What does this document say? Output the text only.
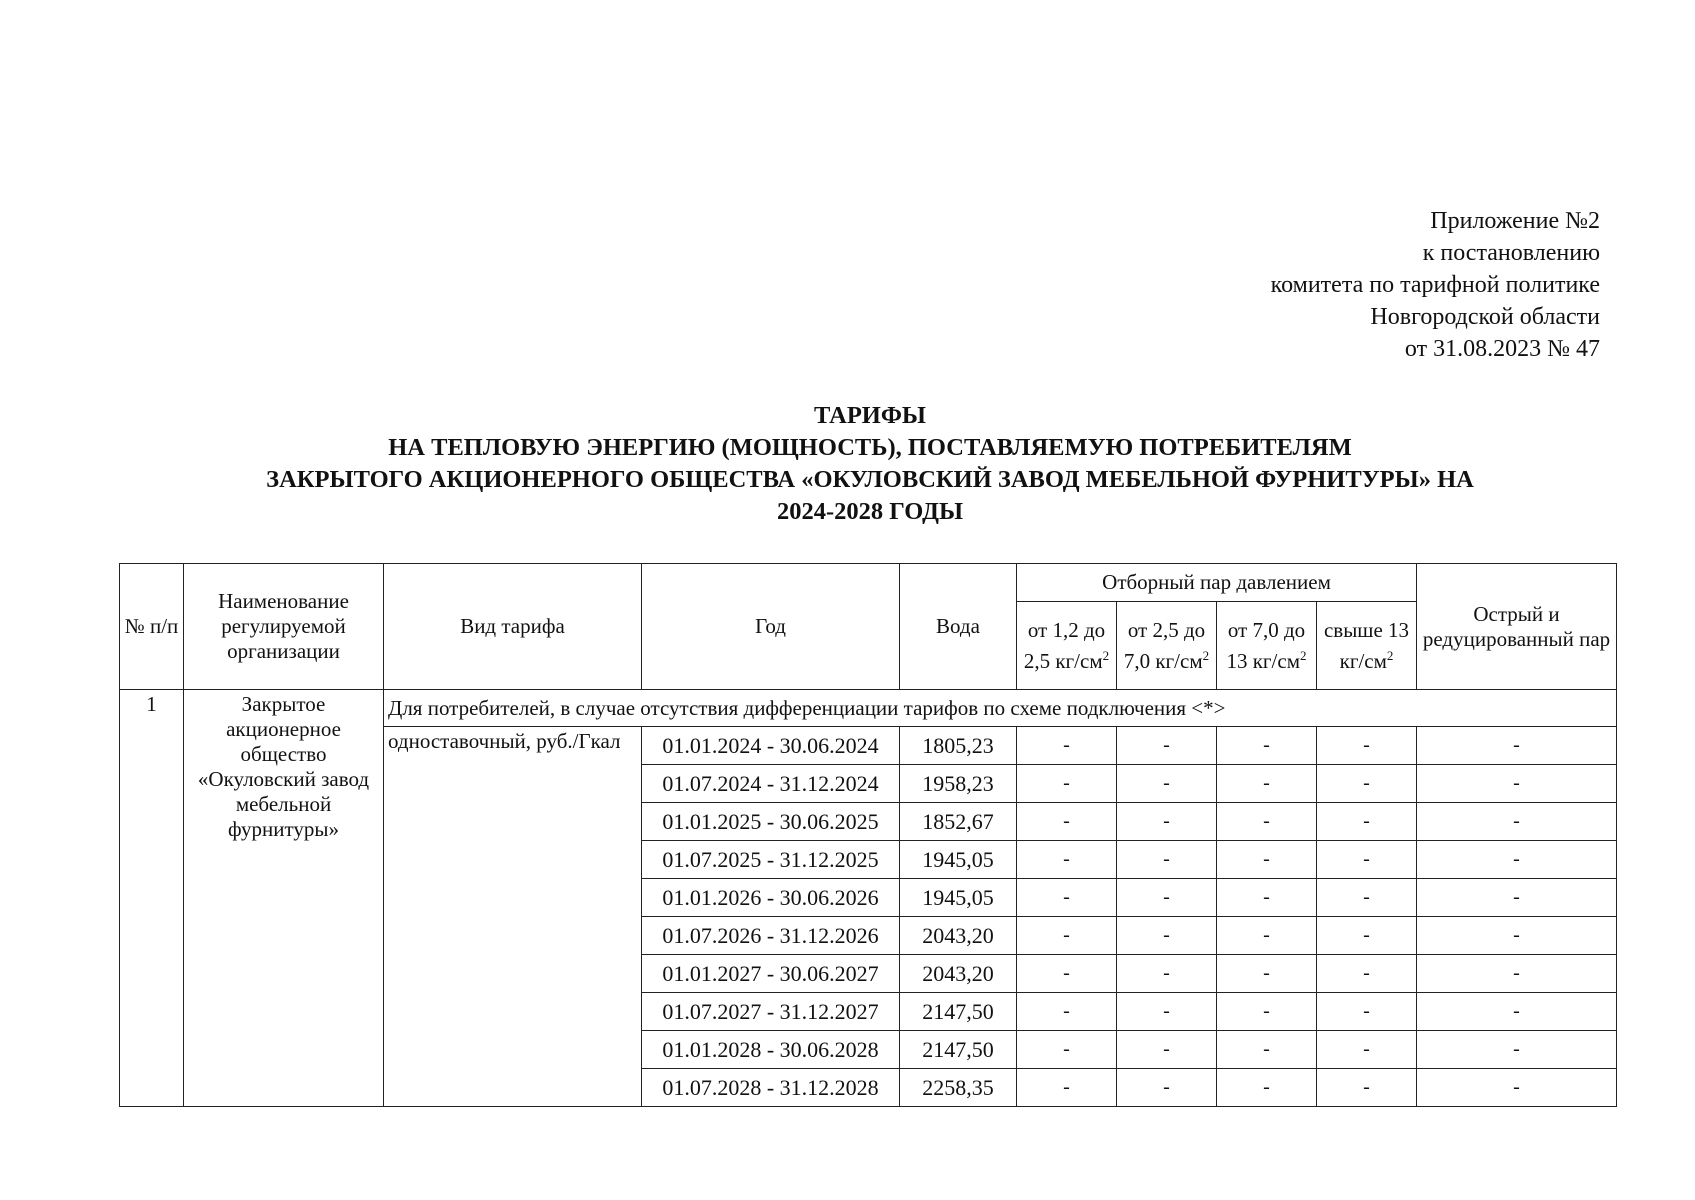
Приложение №2
к постановлению
комитета по тарифной политике
Новгородской области
от 31.08.2023 № 47
ТАРИФЫ
НА ТЕПЛОВУЮ ЭНЕРГИЮ (МОЩНОСТЬ), ПОСТАВЛЯЕМУЮ ПОТРЕБИТЕЛЯМ
ЗАКРЫТОГО АКЦИОНЕРНОГО ОБЩЕСТВА «ОКУЛОВСКИЙ ЗАВОД МЕБЕЛЬНОЙ ФУРНИТУРЫ» НА
2024-2028 ГОДЫ
№ п/п	Наименование регулируемой организации	Вид тарифа	Год	Вода	Отборный пар давлением				Острый и редуцированный пар
					от 1,2 до 2,5 $кг/см^2$	от 2,5 до 7,0 $кг/см^2$	от 7,0 до 13 $кг/см^2$	свыше 13 $кг/см^2$
1	Закрытое акционерное общество «Окуловский завод мебельной фурнитуры»	Для потребителей, в случае отсутствия дифференциации тарифов по схеме подключения <*>							
		одноставочный, руб./Гкал	01.01.2024 - 30.06.2024	1805,23	-	-	-	-	-
			01.07.2024 - 31.12.2024	1958,23	-	-	-	-	-
			01.01.2025 - 30.06.2025	1852,67	-	-	-	-	-
			01.07.2025 - 31.12.2025	1945,05	-	-	-	-	-
			01.01.2026 - 30.06.2026	1945,05	-	-	-	-	-
			01.07.2026 - 31.12.2026	2043,20	-	-	-	-	-
			01.01.2027 - 30.06.2027	2043,20	-	-	-	-	-
			01.07.2027 - 31.12.2027	2147,50	-	-	-	-	-
			01.01.2028 - 30.06.2028	2147,50	-	-	-	-	-
			01.07.2028 - 31.12.2028	2258,35	-	-	-	-	-
